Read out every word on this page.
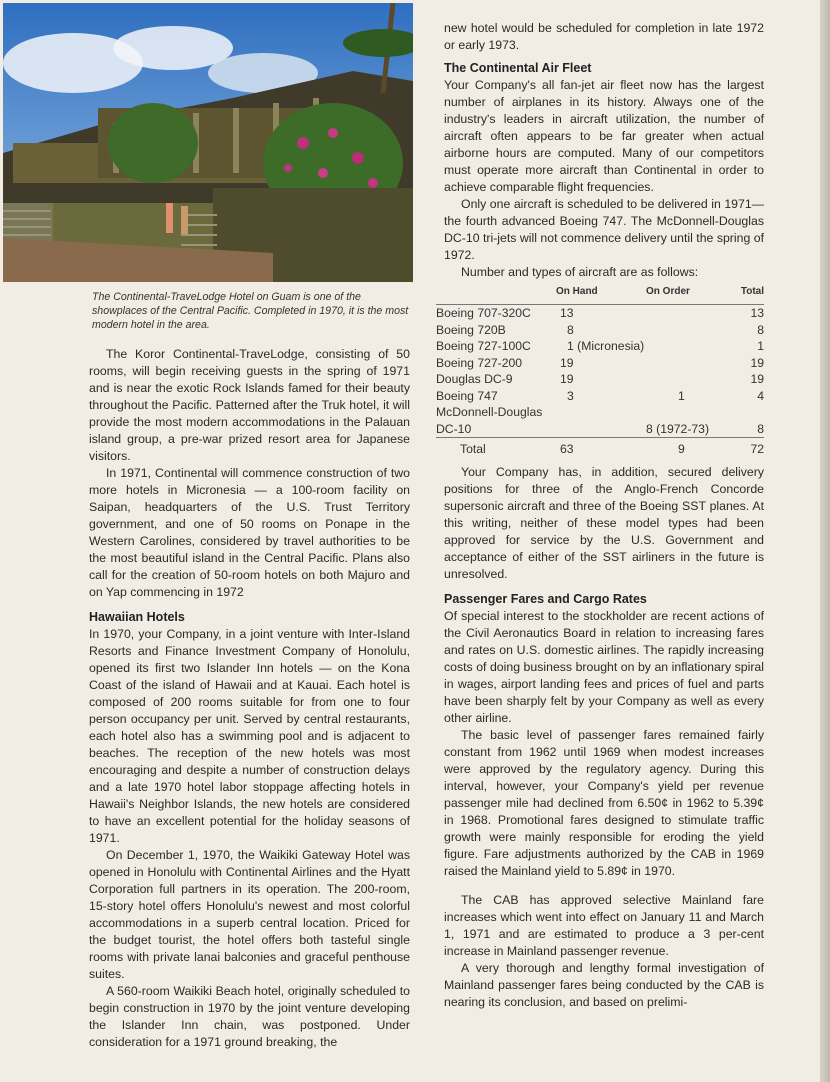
The Continental-TraveLodge Hotel on Guam is one of the showplaces of the Central Pacific. Completed in 1970, it is the most modern hotel in the area.

The Koror Continental-TraveLodge, consisting of 50 rooms, will begin receiving guests in the spring of 1971 and is near the exotic Rock Islands famed for their beauty throughout the Pacific. Patterned after the Truk hotel, it will provide the most modern accommodations in the Palauan island group, a pre-war prized resort area for Japanese visitors.

In 1971, Continental will commence construction of two more hotels in Micronesia — a 100-room facility on Saipan, headquarters of the U.S. Trust Territory government, and one of 50 rooms on Ponape in the Western Carolines, considered by travel authorities to be the most beautiful island in the Central Pacific. Plans also call for the creation of 50-room hotels on both Majuro and on Yap commencing in 1972

Hawaiian Hotels

In 1970, your Company, in a joint venture with Inter-Island Resorts and Finance Investment Company of Honolulu, opened its first two Islander Inn hotels — on the Kona Coast of the island of Hawaii and at Kauai. Each hotel is composed of 200 rooms suitable for from one to four person occupancy per unit. Served by central restaurants, each hotel also has a swimming pool and is adjacent to beaches. The reception of the new hotels was most encouraging and despite a number of construction delays and a late 1970 hotel labor stoppage affecting hotels in Hawaii's Neighbor Islands, the new hotels are considered to have an excellent potential for the holiday seasons of 1971.

On December 1, 1970, the Waikiki Gateway Hotel was opened in Honolulu with Continental Airlines and the Hyatt Corporation full partners in its operation. The 200-room, 15-story hotel offers Honolulu's newest and most colorful accommodations in a superb central location. Priced for the budget tourist, the hotel offers both tasteful single rooms with private lanai balconies and graceful penthouse suites.

A 560-room Waikiki Beach hotel, originally scheduled to begin construction in 1970 by the joint venture developing the Islander Inn chain, was postponed. Under consideration for a 1971 ground breaking, the

new hotel would be scheduled for completion in late 1972 or early 1973.

The Continental Air Fleet

Your Company's all fan-jet air fleet now has the largest number of airplanes in its history. Always one of the industry's leaders in aircraft utilization, the number of aircraft often appears to be far greater when actual airborne hours are computed. Many of our competitors must operate more aircraft than Continental in order to achieve comparable flight frequencies.

Only one aircraft is scheduled to be delivered in 1971—the fourth advanced Boeing 747. The McDonnell-Douglas DC-10 tri-jets will not commence delivery until the spring of 1972.

Number and types of aircraft are as follows:

	On Hand	On Order	Total
Boeing 707-320C	13		13
Boeing 720B	8		8
Boeing 727-100C	1 (Micronesia)		1
Boeing 727-200	19		19
Douglas DC-9	19		19
Boeing 747	3	1	4
McDonnell-Douglas DC-10		8 (1972-73)	8
Total	63	9	72

Your Company has, in addition, secured delivery positions for three of the Anglo-French Concorde supersonic aircraft and three of the Boeing SST planes. At this writing, neither of these model types had been approved for service by the U.S. Government and acceptance of either of the SST airliners in the future is unresolved.

Passenger Fares and Cargo Rates

Of special interest to the stockholder are recent actions of the Civil Aeronautics Board in relation to increasing fares and rates on U.S. domestic airlines. The rapidly increasing costs of doing business brought on by an inflationary spiral in wages, airport landing fees and prices of fuel and parts have been sharply felt by your Company as well as every other airline.

The basic level of passenger fares remained fairly constant from 1962 until 1969 when modest increases were approved by the regulatory agency. During this interval, however, your Company's yield per revenue passenger mile had declined from 6.50¢ in 1962 to 5.39¢ in 1968. Promotional fares designed to stimulate traffic growth were mainly responsible for eroding the yield figure. Fare adjustments authorized by the CAB in 1969 raised the Mainland yield to 5.89¢ in 1970.

The CAB has approved selective Mainland fare increases which went into effect on January 11 and March 1, 1971 and are estimated to produce a 3 per-cent increase in Mainland passenger revenue.

A very thorough and lengthy formal investigation of Mainland passenger fares being conducted by the CAB is nearing its conclusion, and based on prelimi-
